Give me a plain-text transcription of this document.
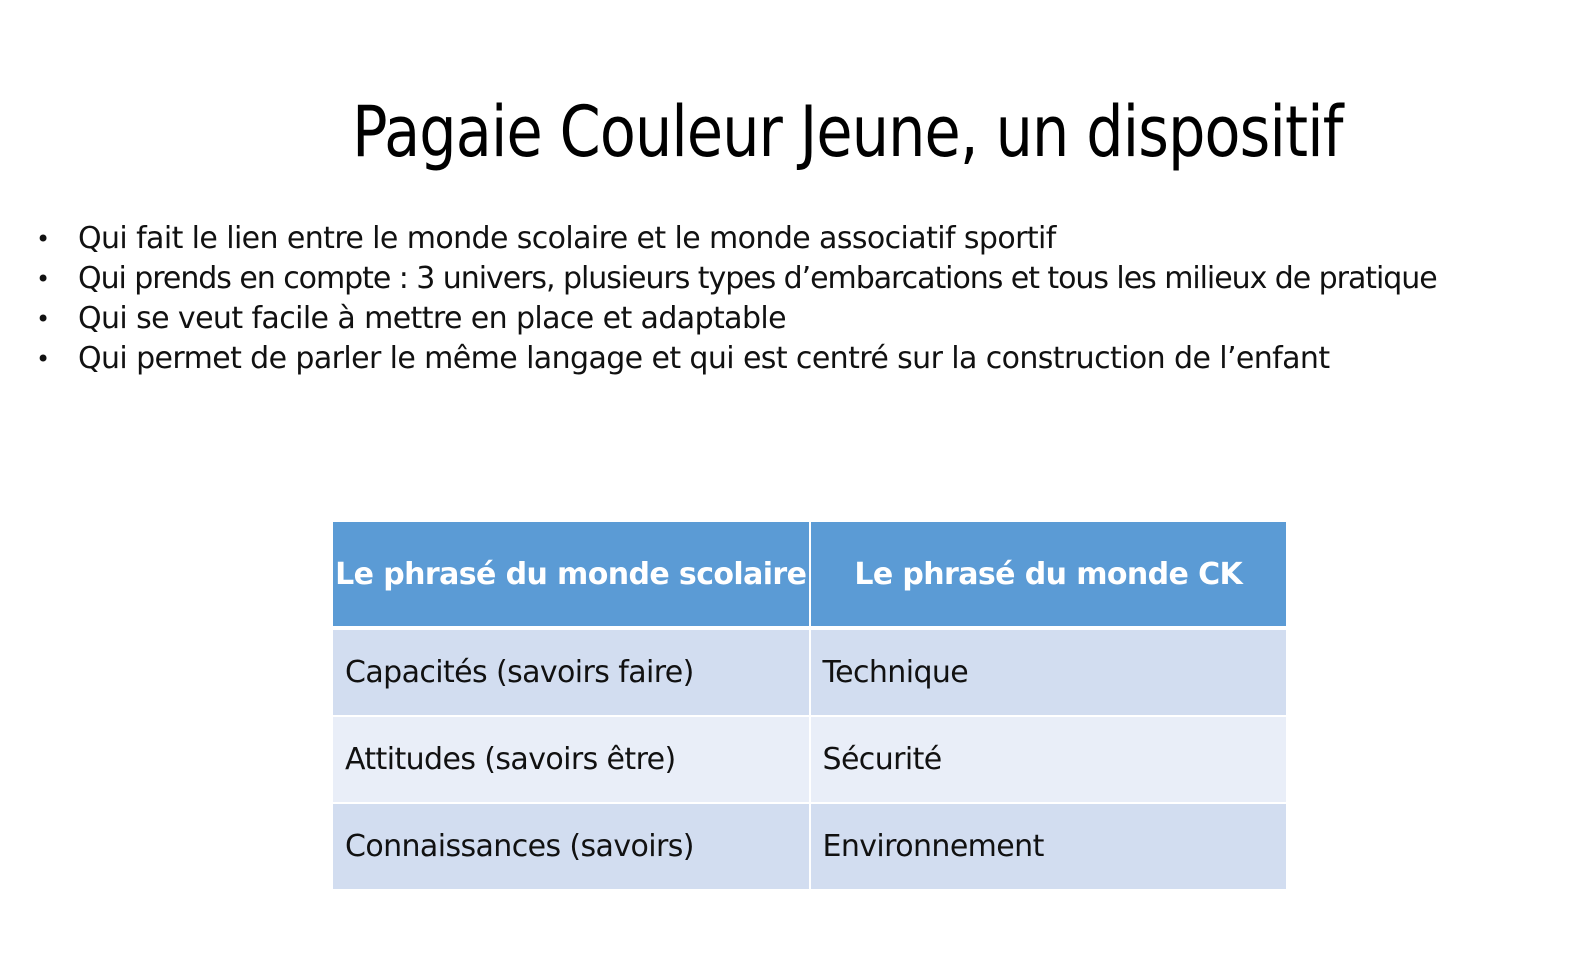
Pagaie Couleur Jeune, un dispositif
• Qui fait le lien entre le monde scolaire et le monde associatif sportif
• Qui prends en compte : 3 univers, plusieurs types d’embarcations et tous les milieux de pratique
• Qui se veut facile à mettre en place et adaptable
• Qui permet de parler le même langage et qui est centré sur la construction de l’enfant
Le phrasé du monde scolaire	Le phrasé du monde CK
Capacités (savoirs faire)	Technique
Attitudes (savoirs être)	Sécurité
Connaissances (savoirs)	Environnement
